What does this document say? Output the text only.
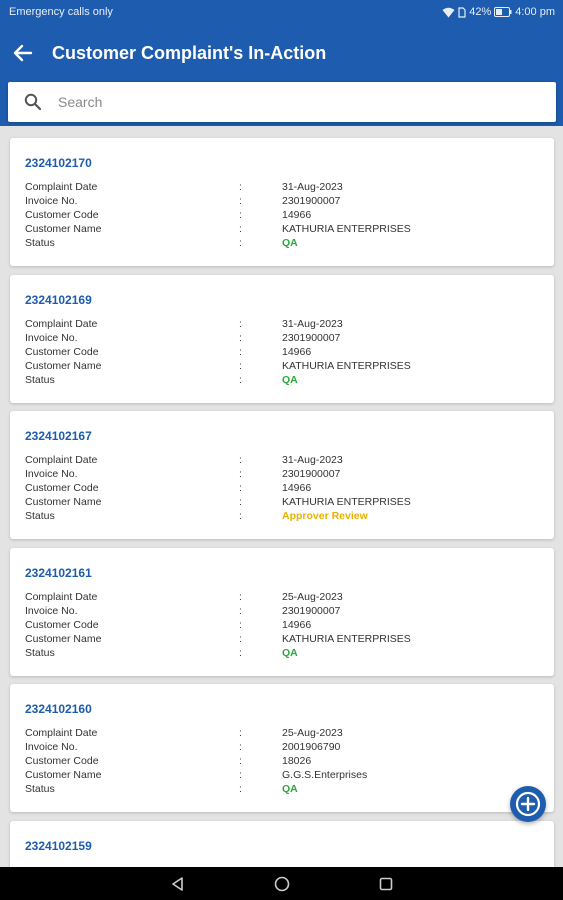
Emergency calls only	42% 4:00 pm
Customer Complaint's In-Action
Search
2324102170
Complaint Date	:	31-Aug-2023
Invoice No.	:	2301900007
Customer Code	:	14966
Customer Name	:	KATHURIA ENTERPRISES
Status	:	QA
2324102169
Complaint Date	:	31-Aug-2023
Invoice No.	:	2301900007
Customer Code	:	14966
Customer Name	:	KATHURIA ENTERPRISES
Status	:	QA
2324102167
Complaint Date	:	31-Aug-2023
Invoice No.	:	2301900007
Customer Code	:	14966
Customer Name	:	KATHURIA ENTERPRISES
Status	:	Approver Review
2324102161
Complaint Date	:	25-Aug-2023
Invoice No.	:	2301900007
Customer Code	:	14966
Customer Name	:	KATHURIA ENTERPRISES
Status	:	QA
2324102160
Complaint Date	:	25-Aug-2023
Invoice No.	:	2001906790
Customer Code	:	18026
Customer Name	:	G.G.S.Enterprises
Status	:	QA
2324102159
